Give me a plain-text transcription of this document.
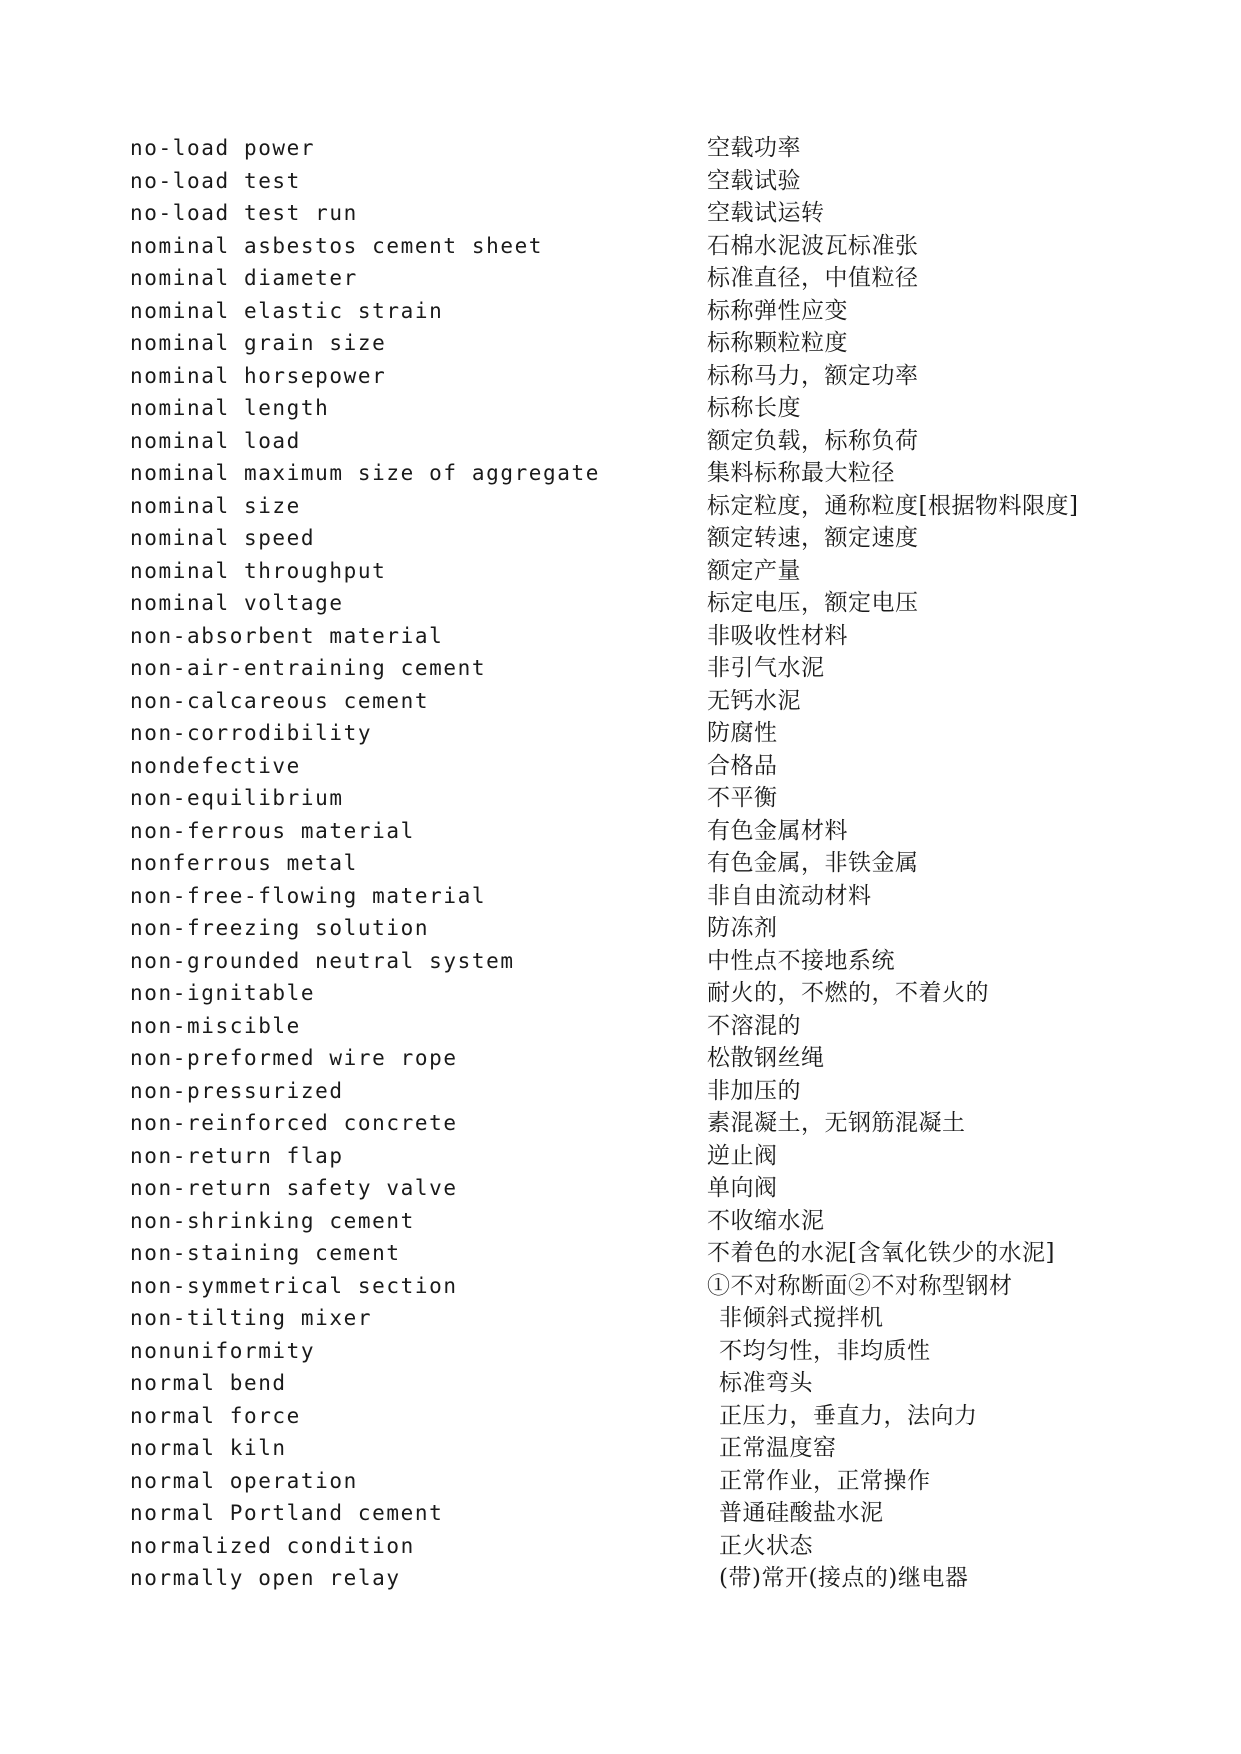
no-load power	空载功率
no-load test	空载试验
no-load test run	空载试运转
nominal asbestos cement sheet	石棉水泥波瓦标准张
nominal diameter	标准直径，中值粒径
nominal elastic strain	标称弹性应变
nominal grain size	标称颗粒粒度
nominal horsepower	标称马力，额定功率
nominal length	标称长度
nominal load	额定负载，标称负荷
nominal maximum size of aggregate	集料标称最大粒径
nominal size	标定粒度，通称粒度[根据物料限度]
nominal speed	额定转速，额定速度
nominal throughput	额定产量
nominal voltage	标定电压，额定电压
non-absorbent material	非吸收性材料
non-air-entraining cement	非引气水泥
non-calcareous cement	无钙水泥
non-corrodibility	防腐性
nondefective	合格品
non-equilibrium	不平衡
non-ferrous material	有色金属材料
nonferrous metal	有色金属，非铁金属
non-free-flowing material	非自由流动材料
non-freezing solution	防冻剂
non-grounded neutral system	中性点不接地系统
non-ignitable	耐火的，不燃的，不着火的
non-miscible	不溶混的
non-preformed wire rope	松散钢丝绳
non-pressurized	非加压的
non-reinforced concrete	素混凝土，无钢筋混凝土
non-return flap	逆止阀
non-return safety valve	单向阀
non-shrinking cement	不收缩水泥
non-staining cement	不着色的水泥[含氧化铁少的水泥]
non-symmetrical section	①不对称断面②不对称型钢材
non-tilting mixer	非倾斜式搅拌机
nonuniformity	不均匀性，非均质性
normal bend	标准弯头
normal force	正压力，垂直力，法向力
normal kiln	正常温度窑
normal operation	正常作业，正常操作
normal Portland cement	普通硅酸盐水泥
normalized condition	正火状态
normally open relay	(带)常开(接点的)继电器
